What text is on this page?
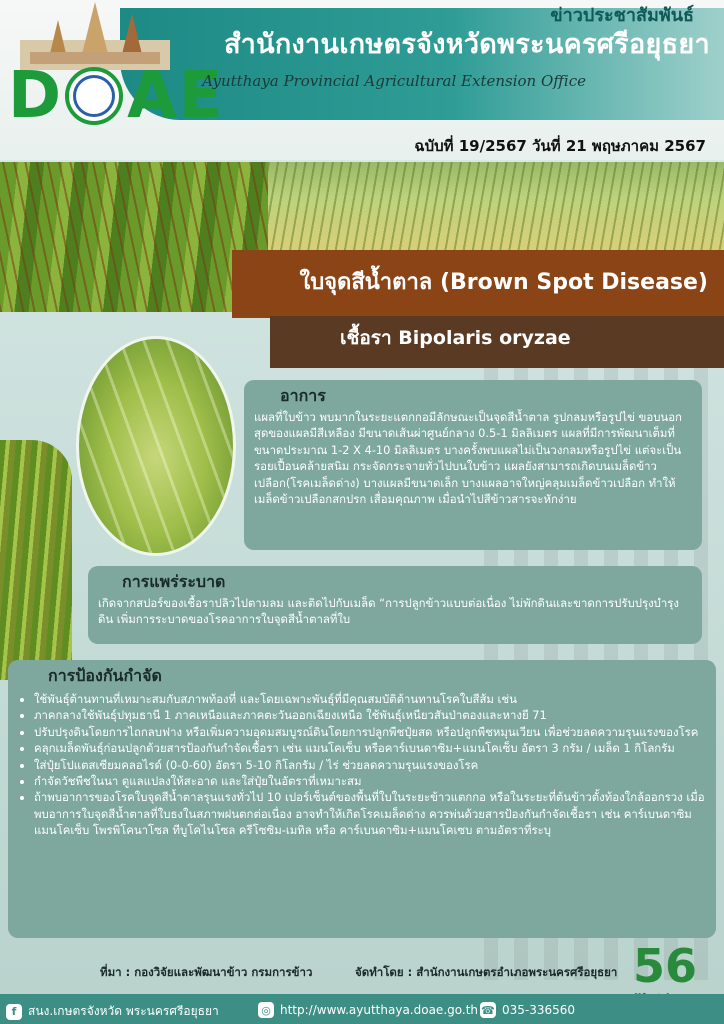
D A E
ข่าวประชาสัมพันธ์
สำนักงานเกษตรจังหวัดพระนครศรีอยุธยา
Ayutthaya Provincial Agricultural Extension Office
ฉบับที่ 19/2567 วันที่ 21 พฤษภาคม 2567
ใบจุดสีน้ำตาล (Brown Spot Disease)
เชื้อรา Bipolaris oryzae
อาการ

แผลที่ใบข้าว พบมากในระยะแตกกอมีลักษณะเป็นจุดสีน้ำตาล รูปกลมหรือรูปไข่ ขอบนอกสุดของแผลมีสีเหลือง มีขนาดเส้นผ่าศูนย์กลาง 0.5-1 มิลลิเมตร แผลที่มีการพัฒนาเต็มที่ขนาดประมาณ 1-2 X 4-10 มิลลิเมตร บางครั้งพบแผลไม่เป็นวงกลมหรือรูปไข่ แต่จะเป็นรอยเปื้อนคล้ายสนิม กระจัดกระจายทั่วไปบนใบข้าว แผลยังสามารถเกิดบนเมล็ดข้าวเปลือก(โรคเมล็ดด่าง) บางแผลมีขนาดเล็ก บางแผลอาจใหญ่คลุมเมล็ดข้าวเปลือก ทำให้เมล็ดข้าวเปลือกสกปรก เสื่อมคุณภาพ เมื่อนำไปสีข้าวสารจะหักง่าย

การแพร่ระบาด

เกิดจากสปอร์ของเชื้อราปลิวไปตามลม และติดไปกับเมล็ด “การปลูกข้าวแบบต่อเนื่อง ไม่พักดินและขาดการปรับปรุงบำรุงดิน เพิ่มการระบาดของโรคอาการใบจุดสีน้ำตาลที่ใบ

การป้องกันกำจัด
• ใช้พันธุ์ต้านทานที่เหมาะสมกับสภาพท้องที่ และโดยเฉพาะพันธุ์ที่มีคุณสมบัติต้านทานโรคใบสีส้ม เช่น
• ภาคกลางใช้พันธุ์ปทุมธานี 1 ภาคเหนือและภาคตะวันออกเฉียงเหนือ ใช้พันธุ์เหนียวสันป่าตองและหางยี 71
• ปรับปรุงดินโดยการไถกลบฟาง หรือเพิ่มความอุดมสมบูรณ์ดินโดยการปลูกพืชปุ๋ยสด หรือปลูกพืชหมุนเวียน เพื่อช่วยลดความรุนแรงของโรค
• คลุกเมล็ดพันธุ์ก่อนปลูกด้วยสารป้องกันกำจัดเชื้อรา เช่น แมนโคเซ็บ หรือคาร์เบนดาซิม+แมนโคเซ็บ อัตรา 3 กรัม / เมล็ด 1 กิโลกรัม
• ใส่ปุ๋ยโปแตสเซียมคลอไรด์ (0-0-60) อัตรา 5-10 กิโลกรัม / ไร่ ช่วยลดความรุนแรงของโรค
• กำจัดวัชพืชในนา ดูแลแปลงให้สะอาด และใส่ปุ๋ยในอัตราที่เหมาะสม
• ถ้าพบอาการของโรคใบจุดสีน้ำตาลรุนแรงทั่วไป 10 เปอร์เซ็นต์ของพื้นที่ใบในระยะข้าวแตกกอ หรือในระยะที่ต้นข้าวตั้งท้องใกล้ออกรวง เมื่อพบอาการใบจุดสีน้ำตาลที่ใบธงในสภาพฝนตกต่อเนื่อง อาจทำให้เกิดโรคเมล็ดด่าง ควรพ่นด้วยสารป้องกันกำจัดเชื้อรา เช่น คาร์เบนดาซิมแมนโคเซ็บ โพรพิโคนาโซล ทีบูโคไนโซล ครีโซซิม-เมทิล หรือ คาร์เบนดาซิม+แมนโคเซบ ตามอัตราที่ระบุ
ที่มา : กองวิจัยและพัฒนาข้าว กรมการข้าว	จัดทำโดย : สำนักงานเกษตรอำเภอพระนครศรีอยุธยา 56
f สนง.เกษตรจังหวัด พระนครศรีอยุธยา	◎ http://www.ayutthaya.doae.go.th ☎ 035-336560
